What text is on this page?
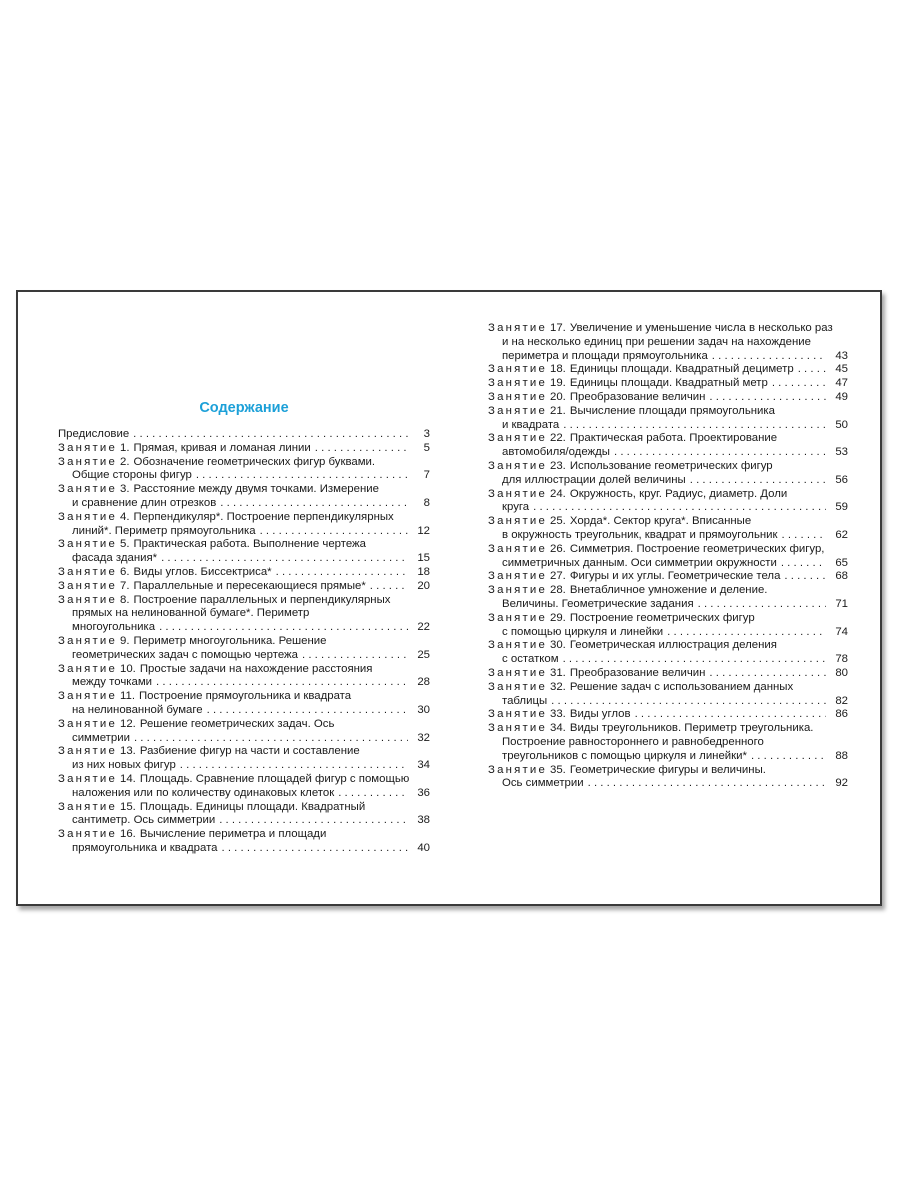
Содержание
Предисловие . . .	3
Занятие 1. Прямая, кривая и ломаная линии . . .	5
Занятие 2. Обозначение геометрических фигур буквами.
Общие стороны фигур . . .	7
Занятие 3. Расстояние между двумя точками. Измерение
и сравнение длин отрезков . . .	8
Занятие 4. Перпендикуляр*. Построение перпендикулярных
линий*. Периметр прямоугольника . . .	12
Занятие 5. Практическая работа. Выполнение чертежа
фасада здания* . . .	15
Занятие 6. Виды углов. Биссектриса* . . .	18
Занятие 7. Параллельные и пересекающиеся прямые* . . .	20
Занятие 8. Построение параллельных и перпендикулярных
прямых на нелинованной бумаге*. Периметр
многоугольника . . .	22
Занятие 9. Периметр многоугольника. Решение
геометрических задач с помощью чертежа . . .	25
Занятие 10. Простые задачи на нахождение расстояния
между точками . . .	28
Занятие 11. Построение прямоугольника и квадрата
на нелинованной бумаге . . .	30
Занятие 12. Решение геометрических задач. Ось
симметрии . . .	32
Занятие 13. Разбиение фигур на части и составление
из них новых фигур . . .	34
Занятие 14. Площадь. Сравнение площадей фигур с помощью
наложения или по количеству одинаковых клеток . . .	36
Занятие 15. Площадь. Единицы площади. Квадратный
сантиметр. Ось симметрии . . .	38
Занятие 16. Вычисление периметра и площади
прямоугольника и квадрата . . .	40
Занятие 17. Увеличение и уменьшение числа в несколько раз
и на несколько единиц при решении задач на нахождение
периметра и площади прямоугольника . . .	43
Занятие 18. Единицы площади. Квадратный дециметр . . .	45
Занятие 19. Единицы площади. Квадратный метр . . .	47
Занятие 20. Преобразование величин . . .	49
Занятие 21. Вычисление площади прямоугольника
и квадрата . . .	50
Занятие 22. Практическая работа. Проектирование
автомобиля/одежды . . .	53
Занятие 23. Использование геометрических фигур
для иллюстрации долей величины . . .	56
Занятие 24. Окружность, круг. Радиус, диаметр. Доли
круга . . .	59
Занятие 25. Хорда*. Сектор круга*. Вписанные
в окружность треугольник, квадрат и прямоугольник . . .	62
Занятие 26. Симметрия. Построение геометрических фигур,
симметричных данным. Оси симметрии окружности . . .	65
Занятие 27. Фигуры и их углы. Геометрические тела . . .	68
Занятие 28. Внетабличное умножение и деление.
Величины. Геометрические задания . . .	71
Занятие 29. Построение геометрических фигур
с помощью циркуля и линейки . . .	74
Занятие 30. Геометрическая иллюстрация деления
с остатком . . .	78
Занятие 31. Преобразование величин . . .	80
Занятие 32. Решение задач с использованием данных
таблицы . . .	82
Занятие 33. Виды углов . . .	86
Занятие 34. Виды треугольников. Периметр треугольника.
Построение равностороннего и равнобедренного
треугольников с помощью циркуля и линейки* . . .	88
Занятие 35. Геометрические фигуры и величины.
Ось симметрии . . .	92
